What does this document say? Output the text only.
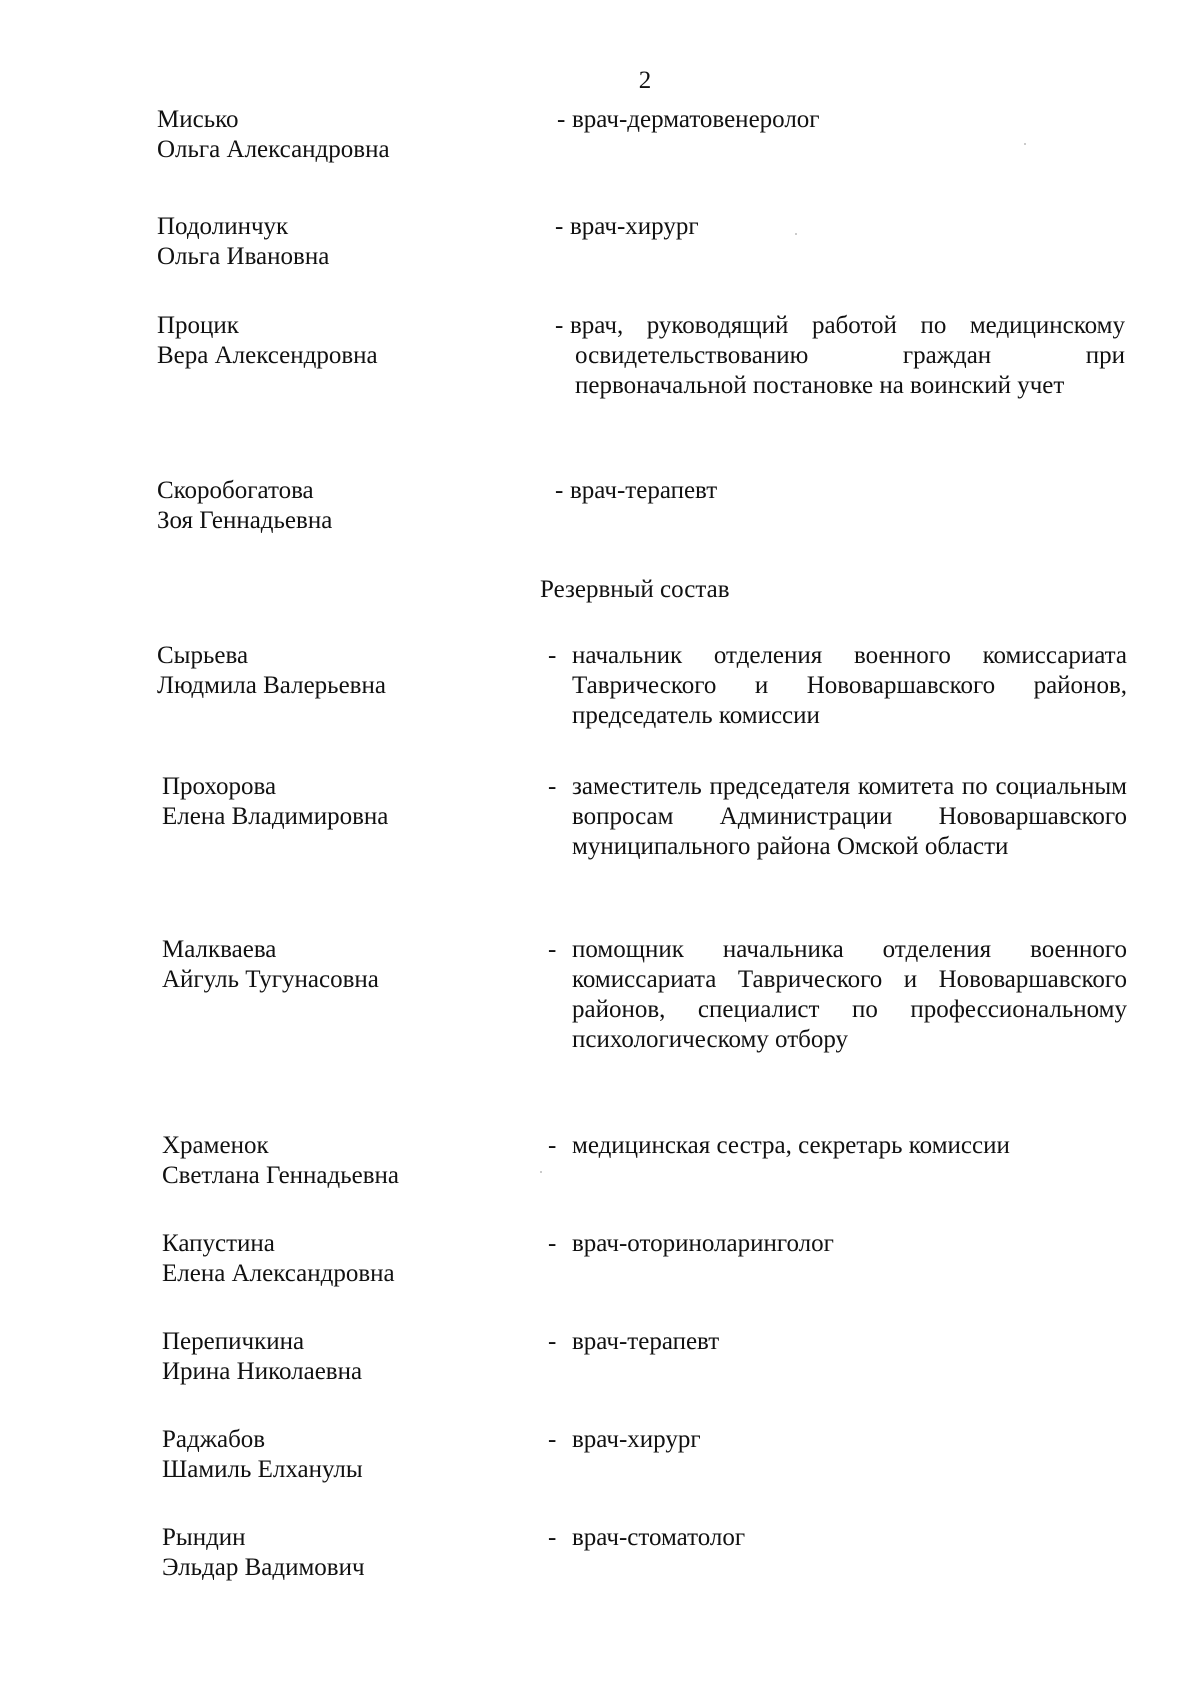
2
Мисько
Ольга Александровна
- врач-дерматовенеролог
Подолинчук
Ольга Ивановна
- врач-хирург
Процик
Вера Алексендровна
- врач, руководящий работой по медицинскому освидетельствованию граждан при первоначальной постановке на воинский учет
Скоробогатова
Зоя Геннадьевна
- врач-терапевт
Резервный состав
Сырьева
Людмила Валерьевна
- начальник отделения военного комиссариата Таврического и Нововаршавского районов, председатель комиссии
Прохорова
Елена Владимировна
- заместитель председателя комитета по социальным вопросам Администрации Нововаршавского муниципального района Омской области
Малкваева
Айгуль Тугунасовна
- помощник начальника отделения военного комиссариата Таврического и Нововаршавского районов, специалист по профессиональному психологическому отбору
Храменок
Светлана Геннадьевна
- медицинская сестра, секретарь комиссии
Капустина
Елена Александровна
- врач-оториноларинголог
Перепичкина
Ирина Николаевна
- врач-терапевт
Раджабов
Шамиль Елханулы
- врач-хирург
Рындин
Эльдар Вадимович
- врач-стоматолог
